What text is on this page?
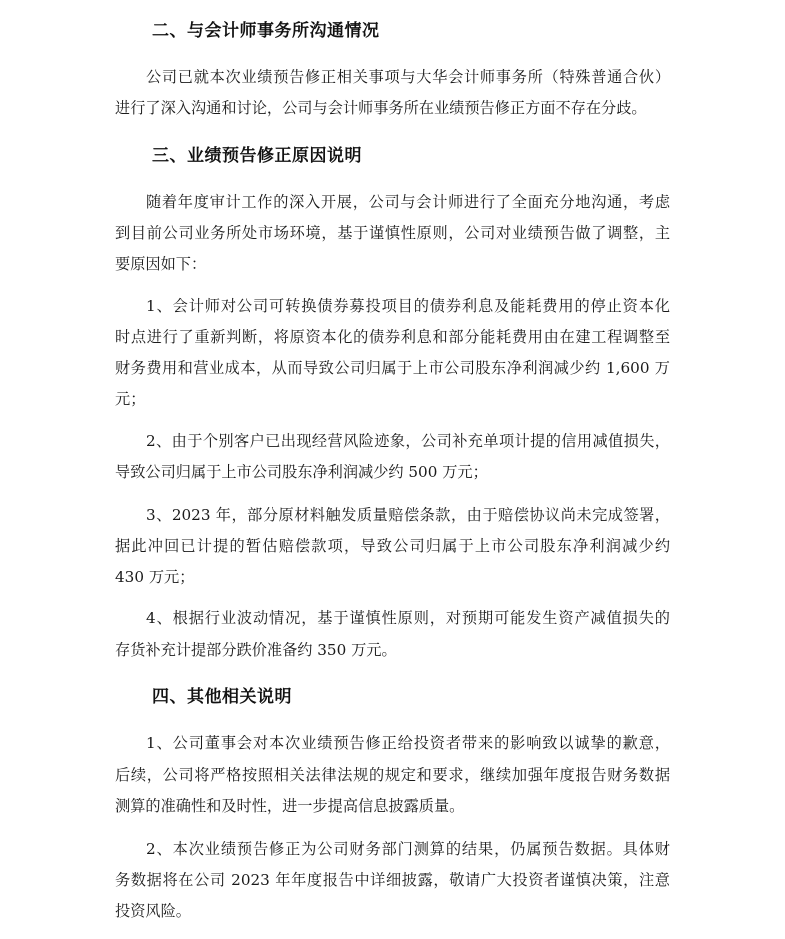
二、与会计师事务所沟通情况
公司已就本次业绩预告修正相关事项与大华会计师事务所（特殊普通合伙）
进行了深入沟通和讨论，公司与会计师事务所在业绩预告修正方面不存在分歧。
三、业绩预告修正原因说明
随着年度审计工作的深入开展，公司与会计师进行了全面充分地沟通，考虑
到目前公司业务所处市场环境，基于谨慎性原则，公司对业绩预告做了调整，主
要原因如下：
1、会计师对公司可转换债券募投项目的债券利息及能耗费用的停止资本化
时点进行了重新判断，将原资本化的债券利息和部分能耗费用由在建工程调整至
财务费用和营业成本，从而导致公司归属于上市公司股东净利润减少约 1,600 万
元；
2、由于个别客户已出现经营风险迹象，公司补充单项计提的信用减值损失，
导致公司归属于上市公司股东净利润减少约 500 万元；
3、2023 年，部分原材料触发质量赔偿条款，由于赔偿协议尚未完成签署，
据此冲回已计提的暂估赔偿款项，导致公司归属于上市公司股东净利润减少约
430 万元；
4、根据行业波动情况，基于谨慎性原则，对预期可能发生资产减值损失的
存货补充计提部分跌价准备约 350 万元。
四、其他相关说明
1、公司董事会对本次业绩预告修正给投资者带来的影响致以诚挚的歉意，
后续，公司将严格按照相关法律法规的规定和要求，继续加强年度报告财务数据
测算的准确性和及时性，进一步提高信息披露质量。
2、本次业绩预告修正为公司财务部门测算的结果，仍属预告数据。具体财
务数据将在公司 2023 年年度报告中详细披露，敬请广大投资者谨慎决策，注意
投资风险。
